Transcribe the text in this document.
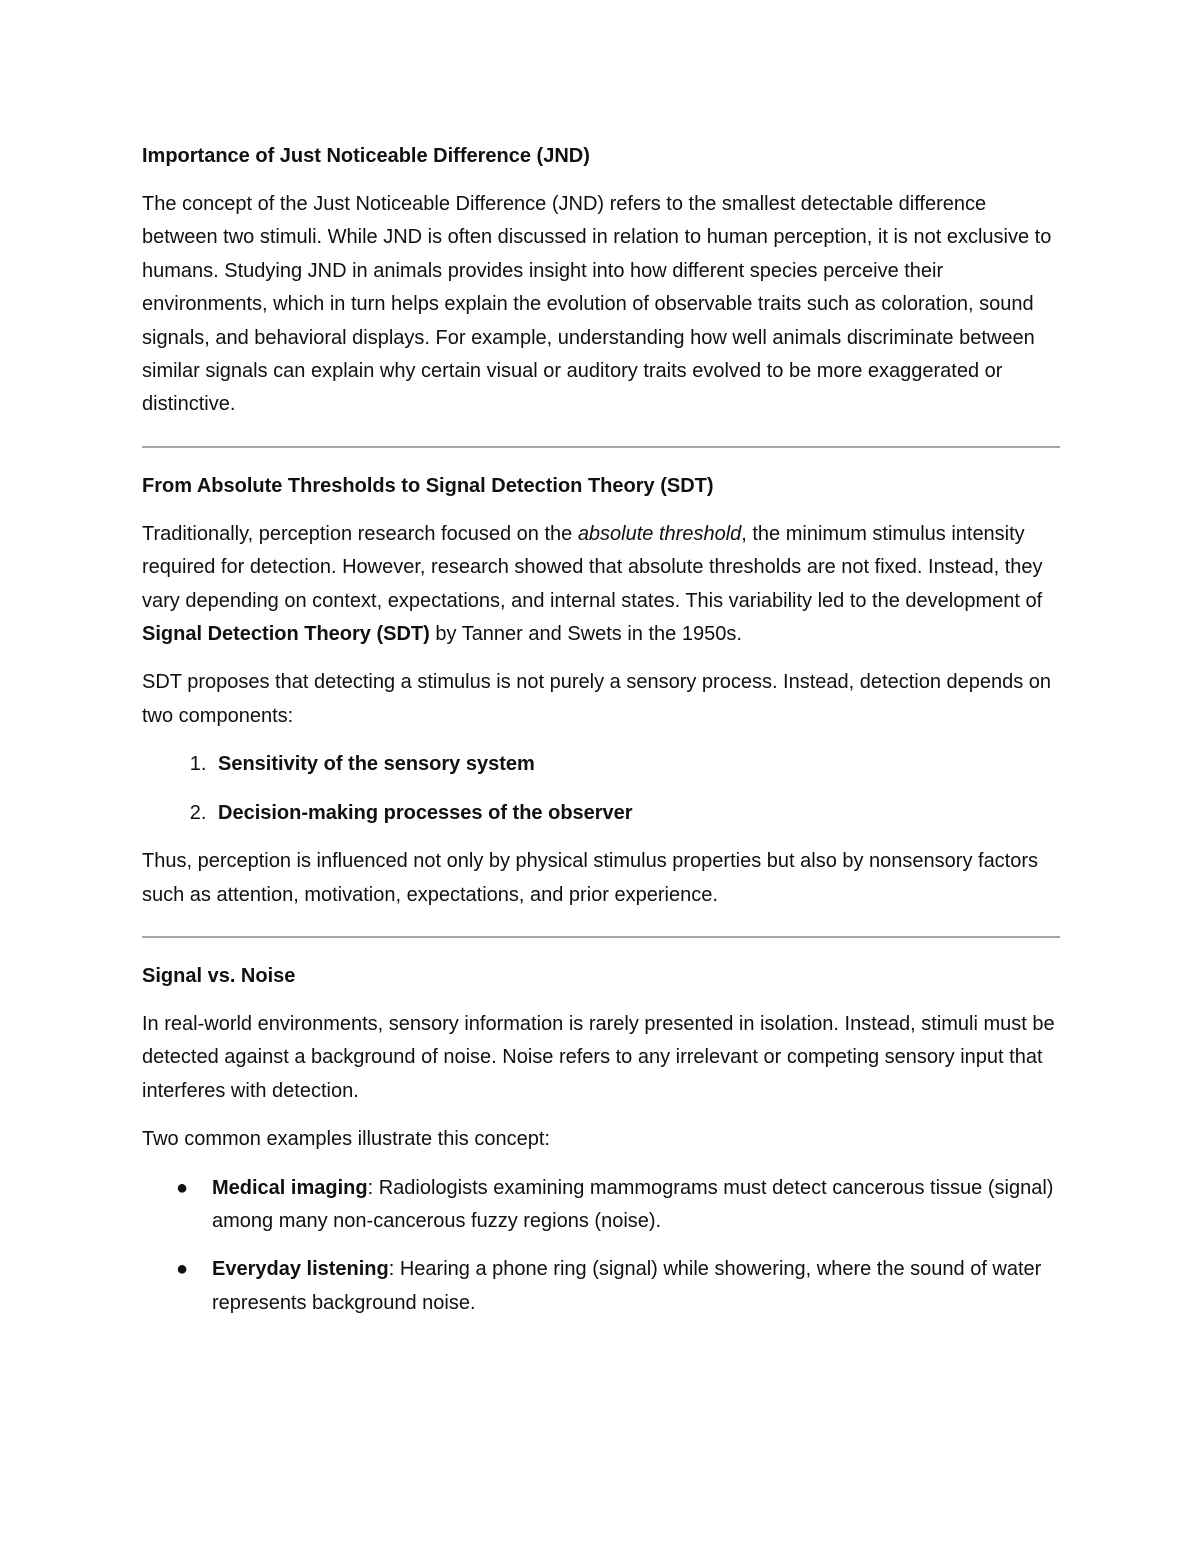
Importance of Just Noticeable Difference (JND)

The concept of the Just Noticeable Difference (JND) refers to the smallest detectable difference between two stimuli. While JND is often discussed in relation to human perception, it is not exclusive to humans. Studying JND in animals provides insight into how different species perceive their environments, which in turn helps explain the evolution of observable traits such as coloration, sound signals, and behavioral displays. For example, understanding how well animals discriminate between similar signals can explain why certain visual or auditory traits evolved to be more exaggerated or distinctive.

From Absolute Thresholds to Signal Detection Theory (SDT)

Traditionally, perception research focused on the absolute threshold, the minimum stimulus intensity required for detection. However, research showed that absolute thresholds are not fixed. Instead, they vary depending on context, expectations, and internal states. This variability led to the development of Signal Detection Theory (SDT) by Tanner and Swets in the 1950s.

SDT proposes that detecting a stimulus is not purely a sensory process. Instead, detection depends on two components:

1. Sensitivity of the sensory system
2. Decision-making processes of the observer

Thus, perception is influenced not only by physical stimulus properties but also by nonsensory factors such as attention, motivation, expectations, and prior experience.

Signal vs. Noise

In real-world environments, sensory information is rarely presented in isolation. Instead, stimuli must be detected against a background of noise. Noise refers to any irrelevant or competing sensory input that interferes with detection.

Two common examples illustrate this concept:

● Medical imaging: Radiologists examining mammograms must detect cancerous tissue (signal) among many non-cancerous fuzzy regions (noise).
● Everyday listening: Hearing a phone ring (signal) while showering, where the sound of water represents background noise.
